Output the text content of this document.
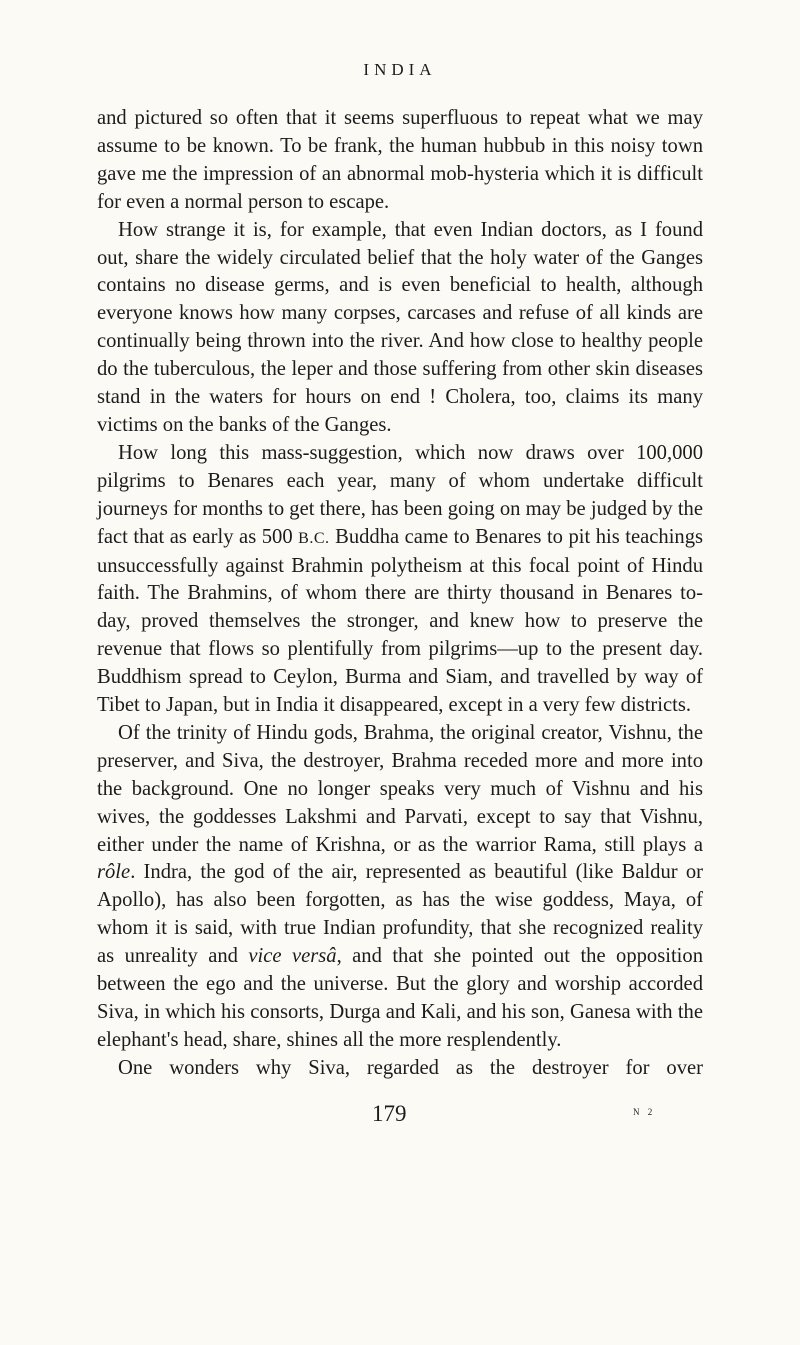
INDIA

and pictured so often that it seems superfluous to repeat what we may assume to be known. To be frank, the human hubbub in this noisy town gave me the impression of an abnormal mob-hysteria which it is difficult for even a normal person to escape.

How strange it is, for example, that even Indian doctors, as I found out, share the widely circulated belief that the holy water of the Ganges contains no disease germs, and is even beneficial to health, although everyone knows how many corpses, carcases and refuse of all kinds are continually being thrown into the river. And how close to healthy people do the tuberculous, the leper and those suffering from other skin diseases stand in the waters for hours on end ! Cholera, too, claims its many victims on the banks of the Ganges.

How long this mass-suggestion, which now draws over 100,000 pilgrims to Benares each year, many of whom undertake difficult journeys for months to get there, has been going on may be judged by the fact that as early as 500 B.C. Buddha came to Benares to pit his teachings unsuccessfully against Brahmin polytheism at this focal point of Hindu faith. The Brahmins, of whom there are thirty thousand in Benares to-day, proved themselves the stronger, and knew how to preserve the revenue that flows so plentifully from pilgrims—up to the present day. Buddhism spread to Ceylon, Burma and Siam, and travelled by way of Tibet to Japan, but in India it disappeared, except in a very few districts.

Of the trinity of Hindu gods, Brahma, the original creator, Vishnu, the preserver, and Siva, the destroyer, Brahma receded more and more into the background. One no longer speaks very much of Vishnu and his wives, the goddesses Lakshmi and Parvati, except to say that Vishnu, either under the name of Krishna, or as the warrior Rama, still plays a rôle. Indra, the god of the air, represented as beautiful (like Baldur or Apollo), has also been forgotten, as has the wise goddess, Maya, of whom it is said, with true Indian profundity, that she recognized reality as unreality and vice versâ, and that she pointed out the opposition between the ego and the universe. But the glory and worship accorded Siva, in which his consorts, Durga and Kali, and his son, Ganesa with the elephant's head, share, shines all the more resplendently.

One wonders why Siva, regarded as the destroyer for over

179	N 2
